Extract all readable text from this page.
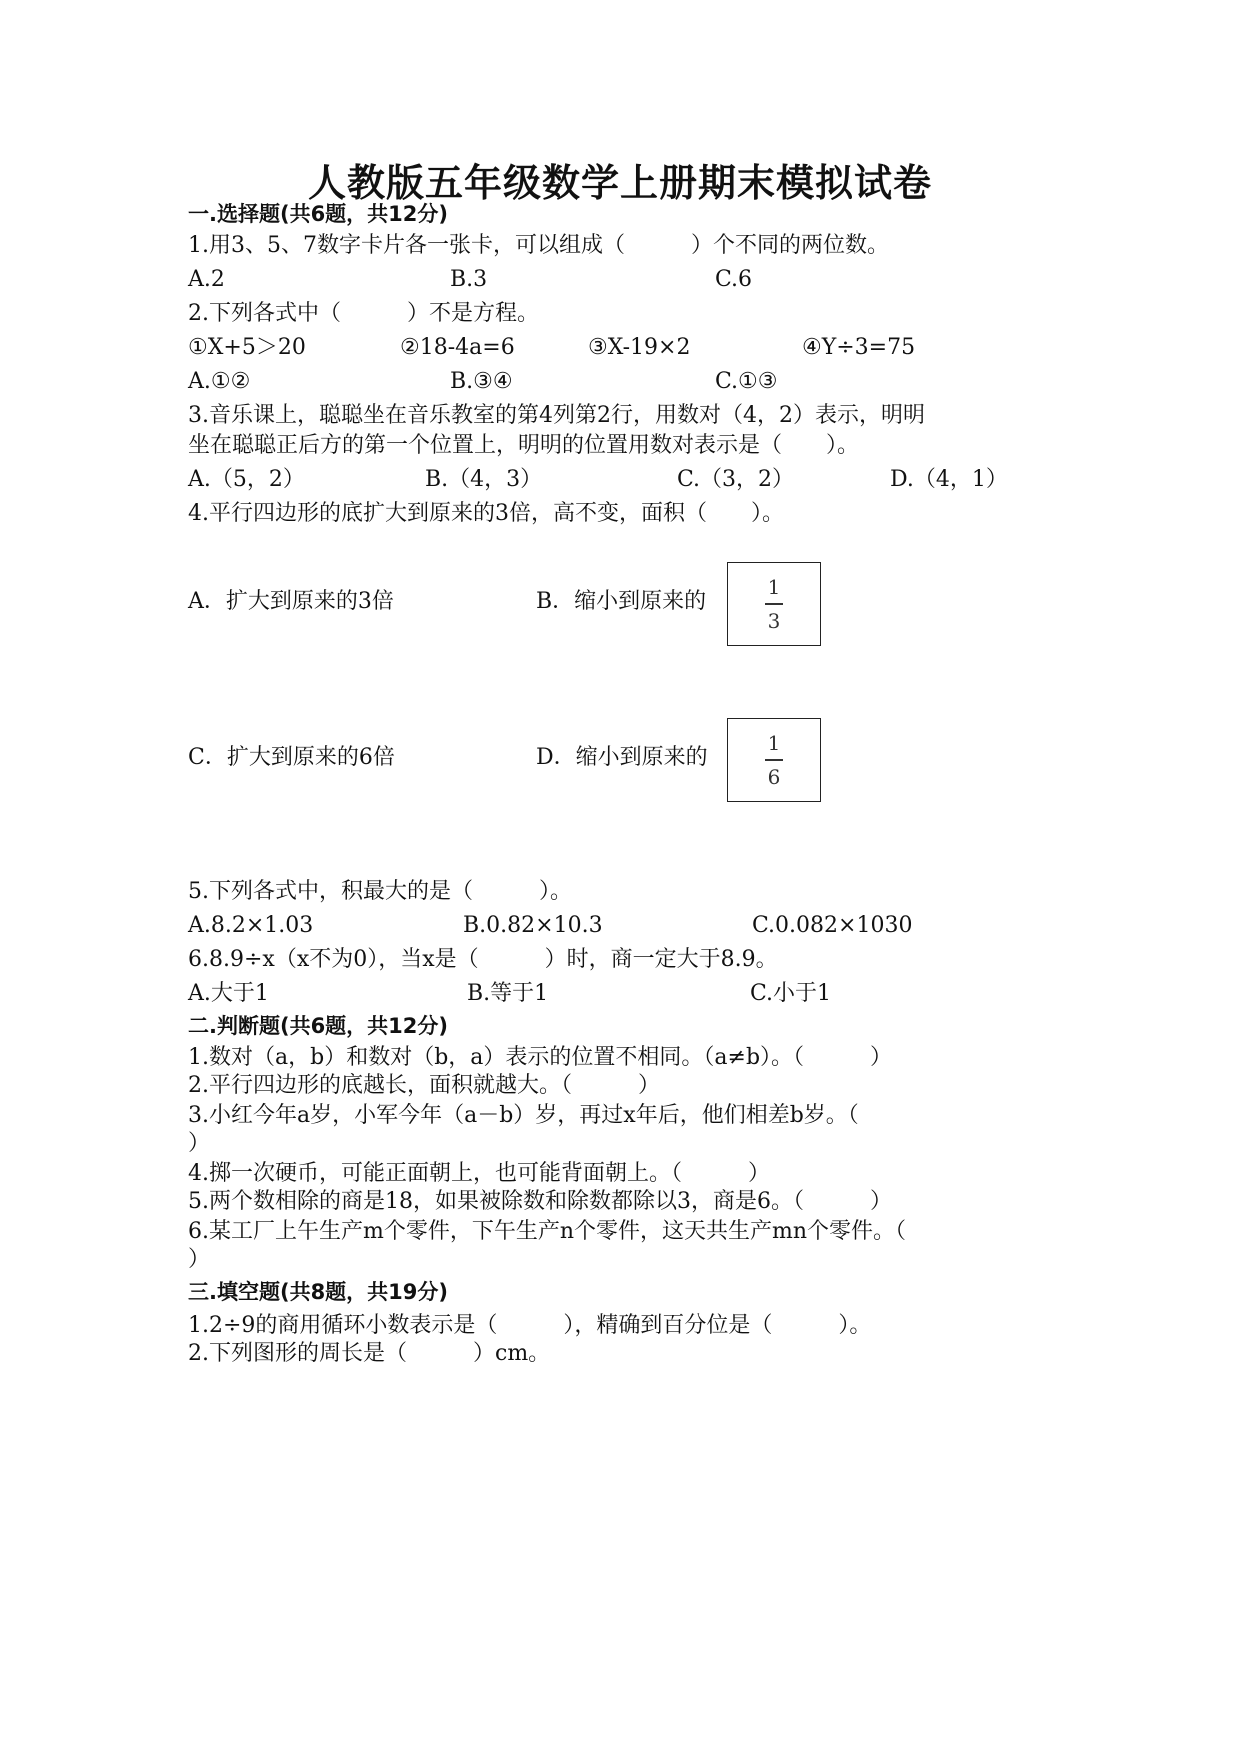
人教版五年级数学上册期末模拟试卷
一.选择题(共6题，共12分)
1.用3、5、7数字卡片各一张卡，可以组成（　　　）个不同的两位数。
A.2	B.3	C.6
2.下列各式中（　　　）不是方程。
①X+5＞20	②18-4a=6	③X-19×2	④Y÷3=75
A.①②	B.③④	C.①③
3.音乐课上，聪聪坐在音乐教室的第4列第2行，用数对（4，2）表示，明明
坐在聪聪正后方的第一个位置上，明明的位置用数对表示是（　　）。
A.（5，2）	B.（4，3）	C.（3，2）	D.（4，1）
4.平行四边形的底扩大到原来的3倍，高不变，面积（　　）。
A．扩大到原来的3倍	B．缩小到原来的
1
3
C．扩大到原来的6倍	D．缩小到原来的
1
6
5.下列各式中，积最大的是（　　　）。
A.8.2×1.03	B.0.82×10.3	C.0.082×1030
6.8.9÷x（x不为0），当x是（　　　）时，商一定大于8.9。
A.大于1	B.等于1	C.小于1
二.判断题(共6题，共12分)
1.数对（a，b）和数对（b，a）表示的位置不相同。（a≠b）。（　　　）
2.平行四边形的底越长，面积就越大。（　　　）
3.小红今年a岁，小军今年（a－b）岁，再过x年后，他们相差b岁。（
）
4.掷一次硬币，可能正面朝上，也可能背面朝上。（　　　）
5.两个数相除的商是18，如果被除数和除数都除以3，商是6。（　　　）
6.某工厂上午生产m个零件，下午生产n个零件，这天共生产mn个零件。（
）
三.填空题(共8题，共19分)
1.2÷9的商用循环小数表示是（　　　），精确到百分位是（　　　）。
2.下列图形的周长是（　　　）cm。
